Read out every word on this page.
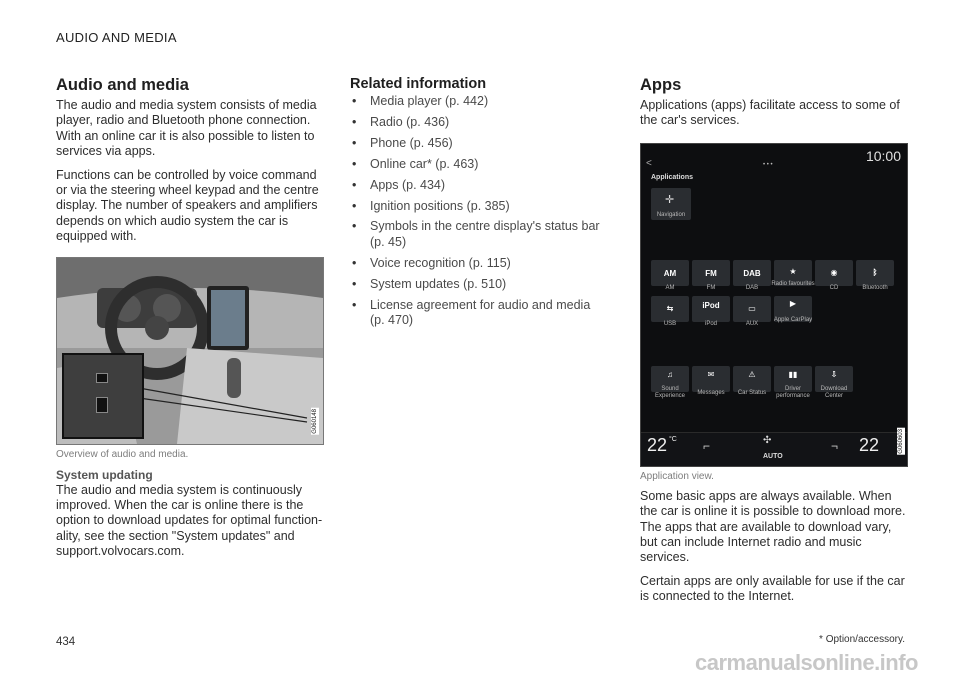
AUDIO AND MEDIA
Audio and media

The audio and media system consists of media player, radio and Bluetooth phone connection. With an online car it is also possible to listen to services via apps.

Functions can be controlled by voice command or via the steering wheel keypad and the centre display. The number of speakers and amplifiers depends on which audio system the car is equipped with.

G060148
Overview of audio and media.
System updating

The audio and media system is continuously improved. When the car is online there is the option to download updates for optimal function- ality, see the section "System updates" and support.volvocars.com.

Related information
• Media player (p. 442)
• Radio (p. 436)
• Phone (p. 456)
• Online car* (p. 463)
• Apps (p. 434)
• Ignition positions (p. 385)
• Symbols in the centre display's status bar (p. 45)
• Voice recognition (p. 115)
• System updates (p. 510)
• License agreement for audio and media (p. 470)
Apps

Applications (apps) facilitate access to some of the car's services.

<	10:00
• • •
Applications
✛
Navigation
AM
AM
FM
FM
DAB
DAB
★
Radio favourites
◉
CD
ᛒ
Bluetooth
⇆
USB
iPod
iPod
▭
AUX
▶
Apple CarPlay
♫
Sound Experience
✉
Messages
⚠
Car Status
▮▮
Driver performance
⇩
Download Center
22 °C ⌐	✣
AUTO
¬ 22	G060603
Application view.

Some basic apps are always available. When the car is online it is possible to download more. The apps that are available to download vary, but can include Internet radio and music services.

Certain apps are only available for use if the car is connected to the Internet.

434	* Option/accessory.
carmanualsonline.info
